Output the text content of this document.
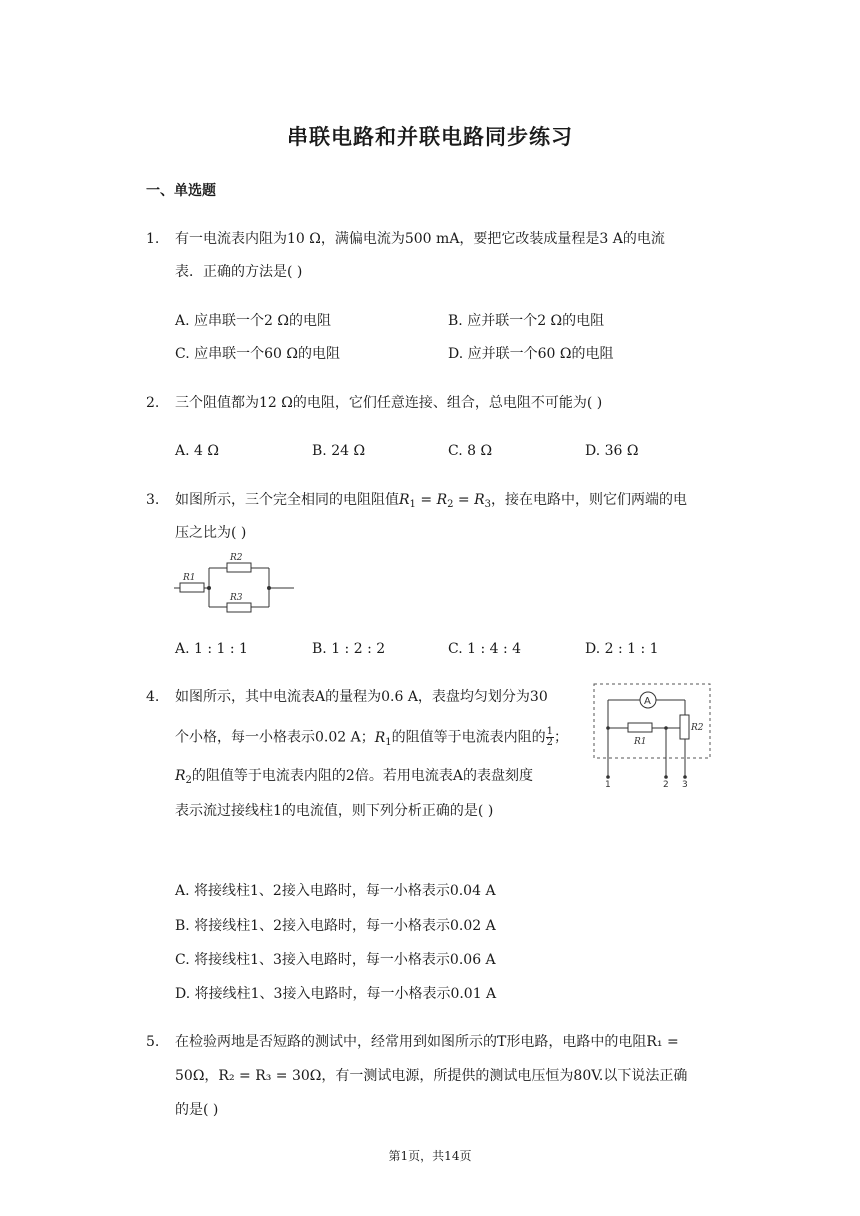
串联电路和并联电路同步练习
一、单选题
1. 有一电流表内阻为10 Ω，满偏电流为500 mA，要把它改装成量程是3 A的电流
表．正确的方法是( )
A. 应串联一个2 Ω的电阻	B. 应并联一个2 Ω的电阻
C. 应串联一个60 Ω的电阻	D. 应并联一个60 Ω的电阻
2. 三个阻值都为12 Ω的电阻，它们任意连接、组合，总电阻不可能为( )
A. 4 Ω	B. 24 Ω	C. 8 Ω	D. 36 Ω
3. 如图所示，三个完全相同的电阻阻值$R_1 = R_2 = R_3$，接在电路中，则它们两端的电
压之比为( )
R1
R2
R3
A. 1 : 1 : 1	B. 1 : 2 : 2	C. 1 : 4 : 4	D. 2 : 1 : 1
4. 如图所示，其中电流表A的量程为0.6 A，表盘均匀划分为30
个小格，每一小格表示0.02 A；$R_1$的阻值等于电流表内阻的 $\frac{1}{2}$ ；
$R_2$的阻值等于电流表内阻的2倍。若用电流表A的表盘刻度
表示流过接线柱1的电流值，则下列分析正确的是( )
A
R1
R2
1	2 3
A. 将接线柱1、2接入电路时，每一小格表示0.04 A
B. 将接线柱1、2接入电路时，每一小格表示0.02 A
C. 将接线柱1、3接入电路时，每一小格表示0.06 A
D. 将接线柱1、3接入电路时，每一小格表示0.01 A
5. 在检验两地是否短路的测试中，经常用到如图所示的T形电路，电路中的电阻R₁ =
50Ω，R₂ = R₃ = 30Ω，有一测试电源，所提供的测试电压恒为80V.以下说法正确
的是( )
第1页，共14页
